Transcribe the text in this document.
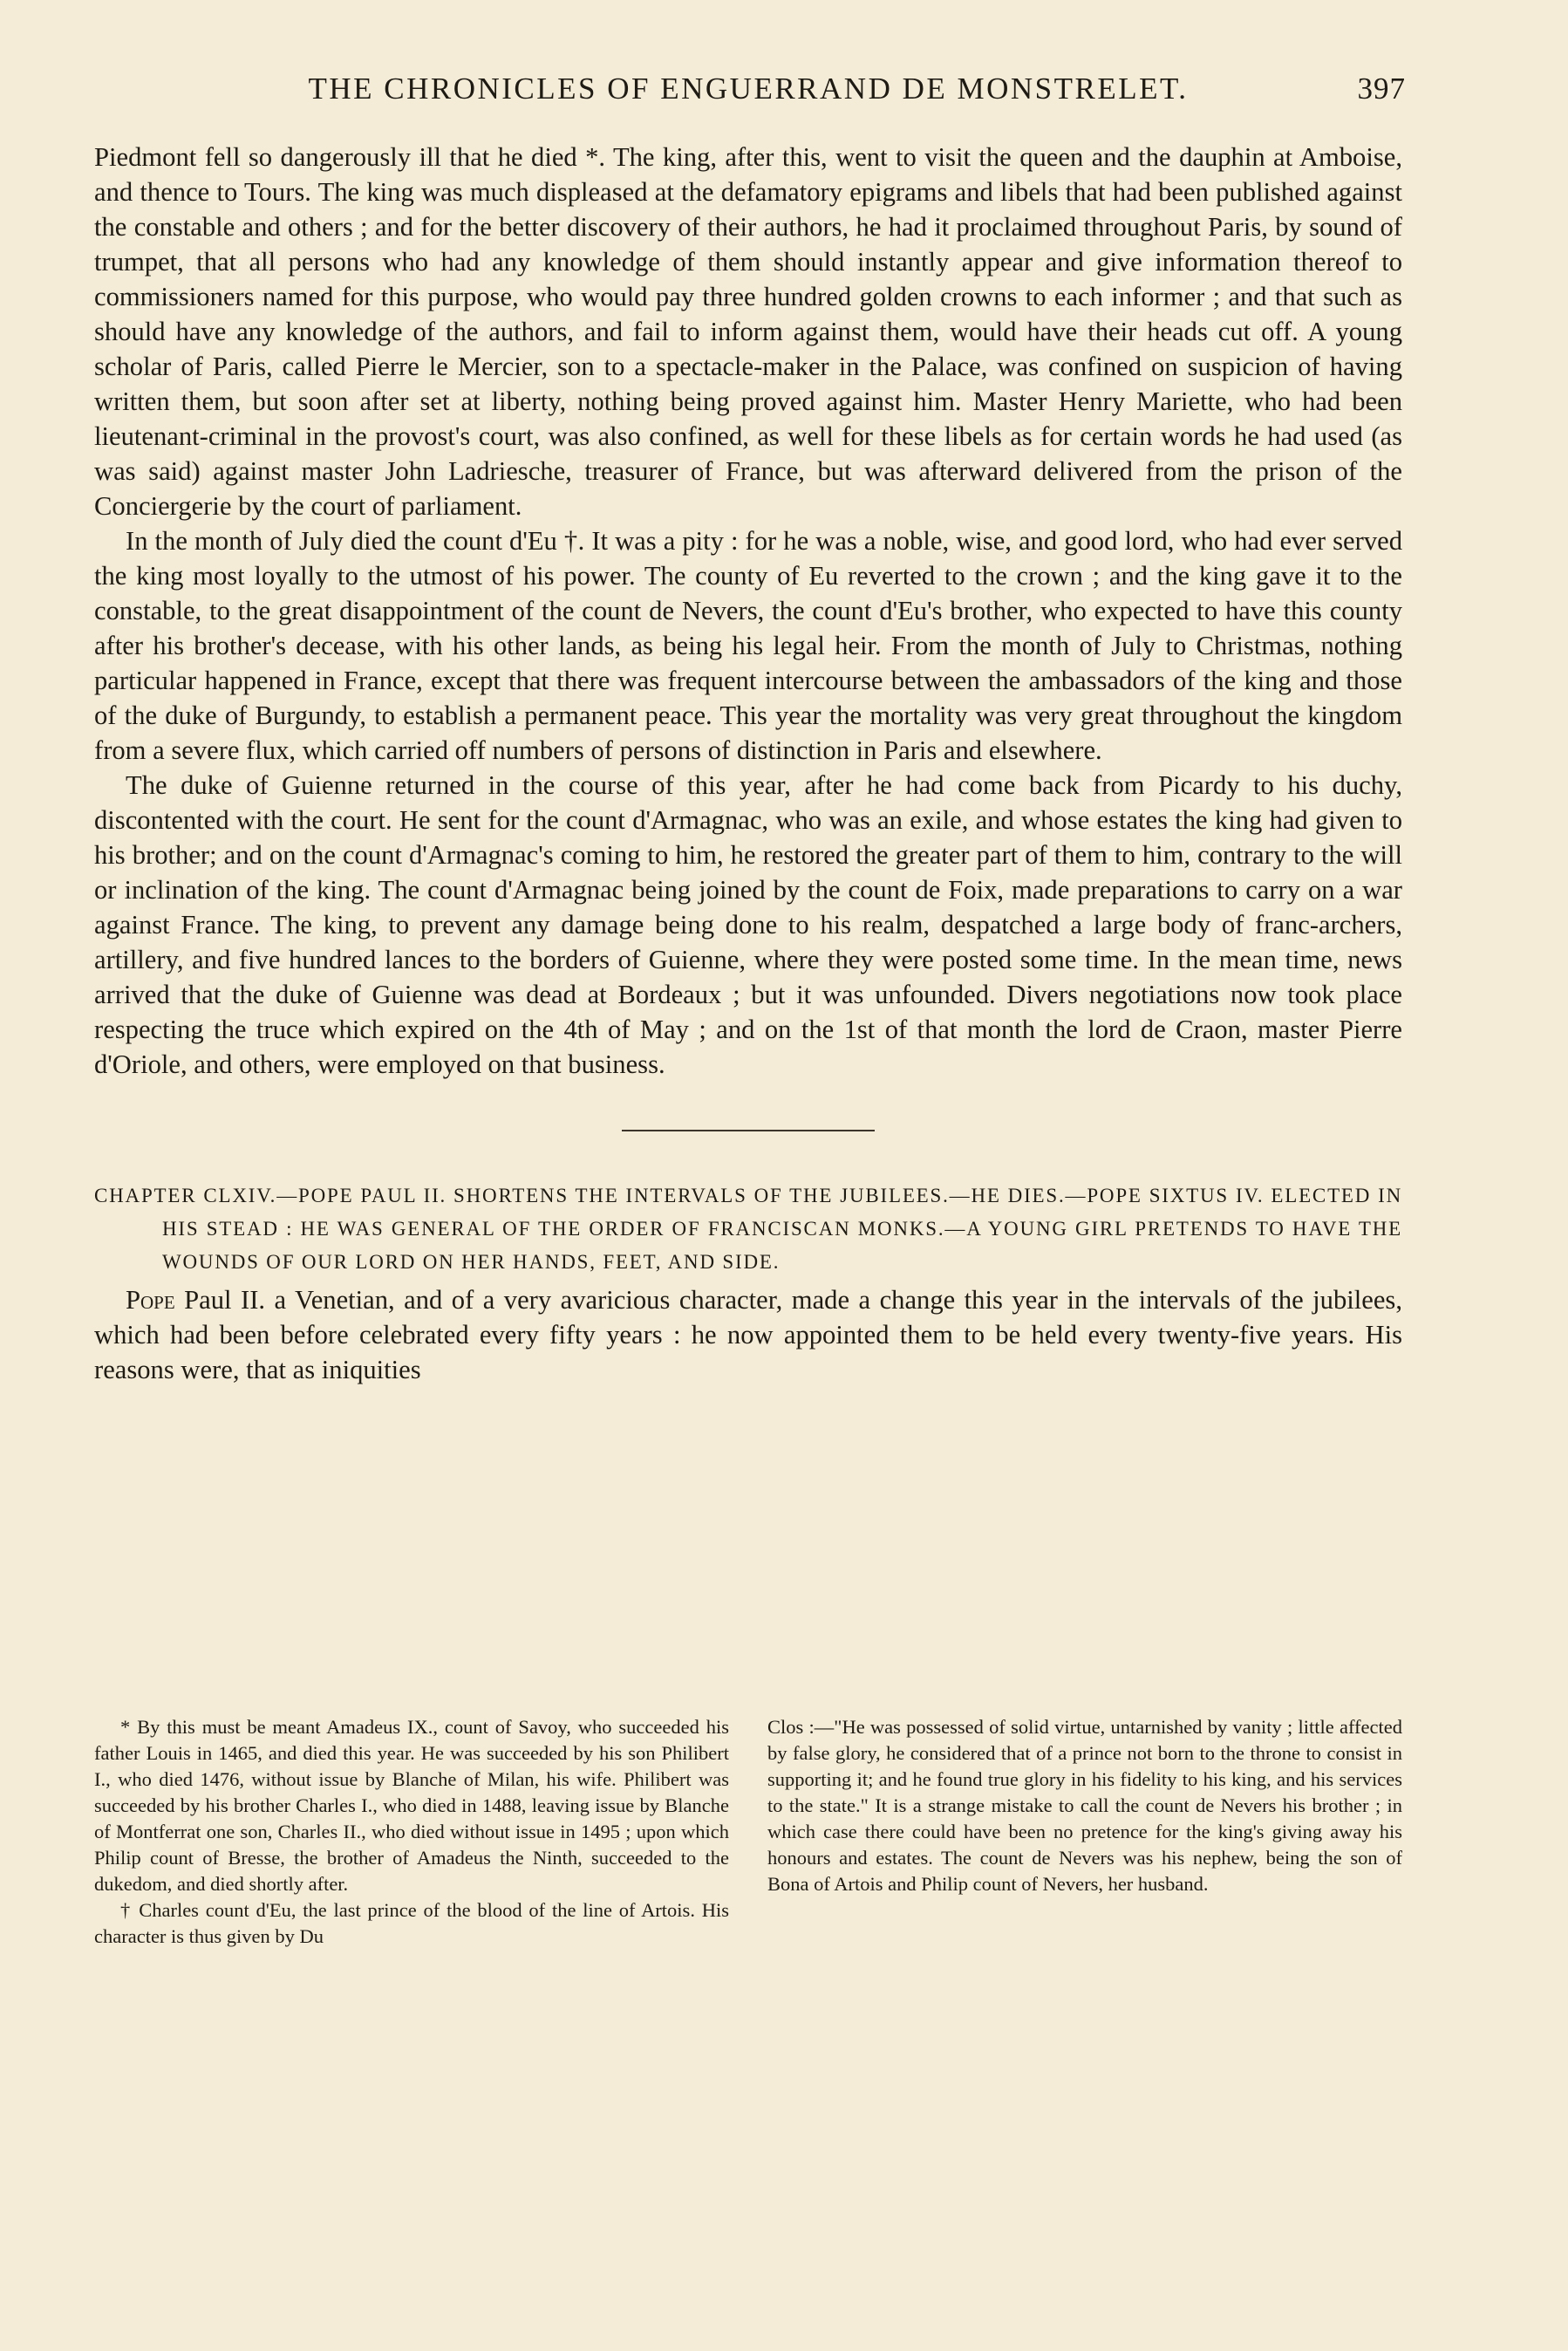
THE CHRONICLES OF ENGUERRAND DE MONSTRELET.	397

Piedmont fell so dangerously ill that he died *. The king, after this, went to visit the queen and the dauphin at Amboise, and thence to Tours. The king was much displeased at the defamatory epigrams and libels that had been published against the constable and others ; and for the better discovery of their authors, he had it proclaimed throughout Paris, by sound of trumpet, that all persons who had any knowledge of them should instantly appear and give information thereof to commissioners named for this purpose, who would pay three hundred golden crowns to each informer ; and that such as should have any knowledge of the authors, and fail to inform against them, would have their heads cut off. A young scholar of Paris, called Pierre le Mercier, son to a spectacle-maker in the Palace, was confined on suspicion of having written them, but soon after set at liberty, nothing being proved against him. Master Henry Mariette, who had been lieutenant-criminal in the provost's court, was also confined, as well for these libels as for certain words he had used (as was said) against master John Ladriesche, treasurer of France, but was afterward delivered from the prison of the Conciergerie by the court of parliament.

In the month of July died the count d'Eu †. It was a pity : for he was a noble, wise, and good lord, who had ever served the king most loyally to the utmost of his power. The county of Eu reverted to the crown ; and the king gave it to the constable, to the great disappointment of the count de Nevers, the count d'Eu's brother, who expected to have this county after his brother's decease, with his other lands, as being his legal heir. From the month of July to Christmas, nothing particular happened in France, except that there was frequent intercourse between the ambassadors of the king and those of the duke of Burgundy, to establish a permanent peace. This year the mortality was very great throughout the kingdom from a severe flux, which carried off numbers of persons of distinction in Paris and elsewhere.

The duke of Guienne returned in the course of this year, after he had come back from Picardy to his duchy, discontented with the court. He sent for the count d'Armagnac, who was an exile, and whose estates the king had given to his brother; and on the count d'Armagnac's coming to him, he restored the greater part of them to him, contrary to the will or inclination of the king. The count d'Armagnac being joined by the count de Foix, made preparations to carry on a war against France. The king, to prevent any damage being done to his realm, despatched a large body of franc-archers, artillery, and five hundred lances to the borders of Guienne, where they were posted some time. In the mean time, news arrived that the duke of Guienne was dead at Bordeaux ; but it was unfounded. Divers negotiations now took place respecting the truce which expired on the 4th of May ; and on the 1st of that month the lord de Craon, master Pierre d'Oriole, and others, were employed on that business.

CHAPTER CLXIV.—POPE PAUL II. SHORTENS THE INTERVALS OF THE JUBILEES.—HE DIES.—POPE SIXTUS IV. ELECTED IN HIS STEAD : HE WAS GENERAL OF THE ORDER OF FRANCISCAN MONKS.—A YOUNG GIRL PRETENDS TO HAVE THE WOUNDS OF OUR LORD ON HER HANDS, FEET, AND SIDE.

Pope Paul II. a Venetian, and of a very avaricious character, made a change this year in the intervals of the jubilees, which had been before celebrated every fifty years : he now appointed them to be held every twenty-five years. His reasons were, that as iniquities

* By this must be meant Amadeus IX., count of Savoy, who succeeded his father Louis in 1465, and died this year. He was succeeded by his son Philibert I., who died 1476, without issue by Blanche of Milan, his wife. Philibert was succeeded by his brother Charles I., who died in 1488, leaving issue by Blanche of Montferrat one son, Charles II., who died without issue in 1495 ; upon which Philip count of Bresse, the brother of Amadeus the Ninth, succeeded to the dukedom, and died shortly after.

† Charles count d'Eu, the last prince of the blood of the line of Artois. His character is thus given by Du

Clos :—"He was possessed of solid virtue, untarnished by vanity ; little affected by false glory, he considered that of a prince not born to the throne to consist in supporting it; and he found true glory in his fidelity to his king, and his services to the state." It is a strange mistake to call the count de Nevers his brother ; in which case there could have been no pretence for the king's giving away his honours and estates. The count de Nevers was his nephew, being the son of Bona of Artois and Philip count of Nevers, her husband.
